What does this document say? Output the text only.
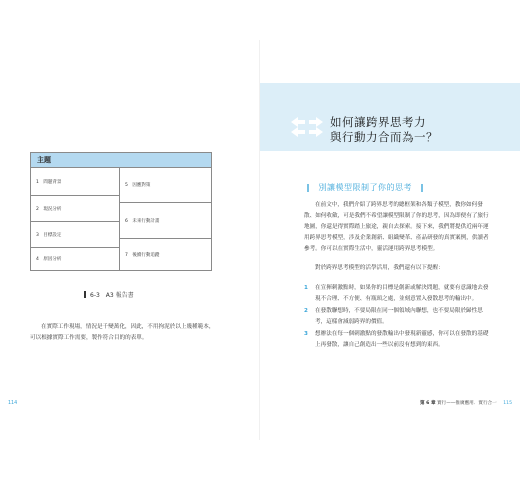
主題
1　問題背景
2　現況分析
3　目標設定
4　原因分析
5　因應對策
6　未來行動計畫
7　後續行動追蹤
6-3　A3 報告書

在實際工作現場，情況是千變萬化，因此，不用拘泥於以上幾種範本，可以根據實際工作需要，製作符合目的的表單。

114
如何讓跨界思考力
與行動力合而為一？
‖ 別讓模型限制了你的思考 ‖

在前文中，我們介紹了跨界思考的總框架和各類子模型，教你如何發散、如何收斂，可是我們不希望讓模型限制了你的思考，因為即便有了旅行地圖，你還是得實際踏上旅途，親自去探索。接下來，我們將提供近兩年運用跨界思考模型，涉及企業創新、組織變革、產品研發的真實案例，供讀者參考。你可以在實際生活中，靈活運用跨界思考模型。

對於跨界思考模型的活學活用，我們還有以下提醒：

1 在宣揮刺激點時，如果你的目標是創新或解決問題，就要有意識地去發現不合理、不方便、有瓶頸之處，並刻意置入發散思考的輸出中。
2 在發散聯想時，不要局限在同一個領域內聯想，也不要局限於歸性思考，這樣會減弱跨界的價值。
3 想辦法在每一個刺激點的發散輸出中發現新靈感，你可以在發散的基礎上再發散，讓自己創造出一些以前沒有想到的東西。
第 6 章 實行——推廣應用．實行合一 115
